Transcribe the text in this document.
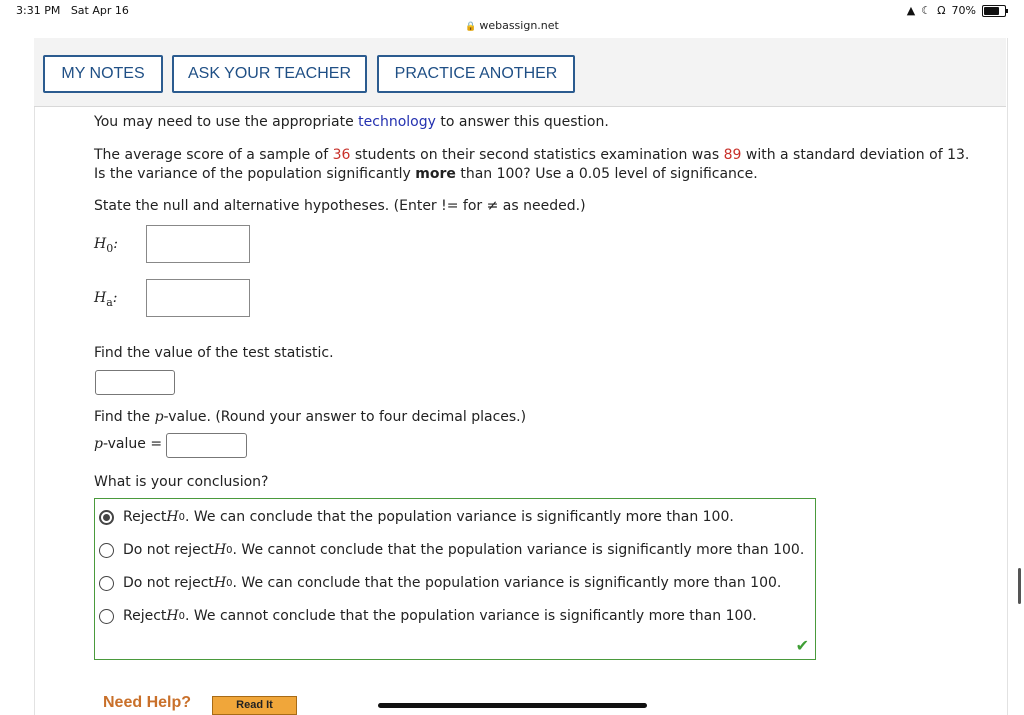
3:31 PM Sat Apr 16	▲ ☾ Ω 70%
🔒 webassign.net
MY NOTES	ASK YOUR TEACHER	PRACTICE ANOTHER

You may need to use the appropriate technology to answer this question.

The average score of a sample of 36 students on their second statistics examination was 89 with a standard deviation of 13. Is the variance of the population significantly more than 100? Use a 0.05 level of significance.

State the null and alternative hypotheses. (Enter != for ≠ as needed.)

$H_0$:
$H_a$:

Find the value of the test statistic.

Find the p-value. (Round your answer to four decimal places.)

p-value =

What is your conclusion?

Reject H 0 . We can conclude that the population variance is significantly more than 100.
Do not reject H 0 . We cannot conclude that the population variance is significantly more than 100.
Do not reject H 0 . We can conclude that the population variance is significantly more than 100.
Reject H 0 . We cannot conclude that the population variance is significantly more than 100.
✔
Need Help?	Read It
